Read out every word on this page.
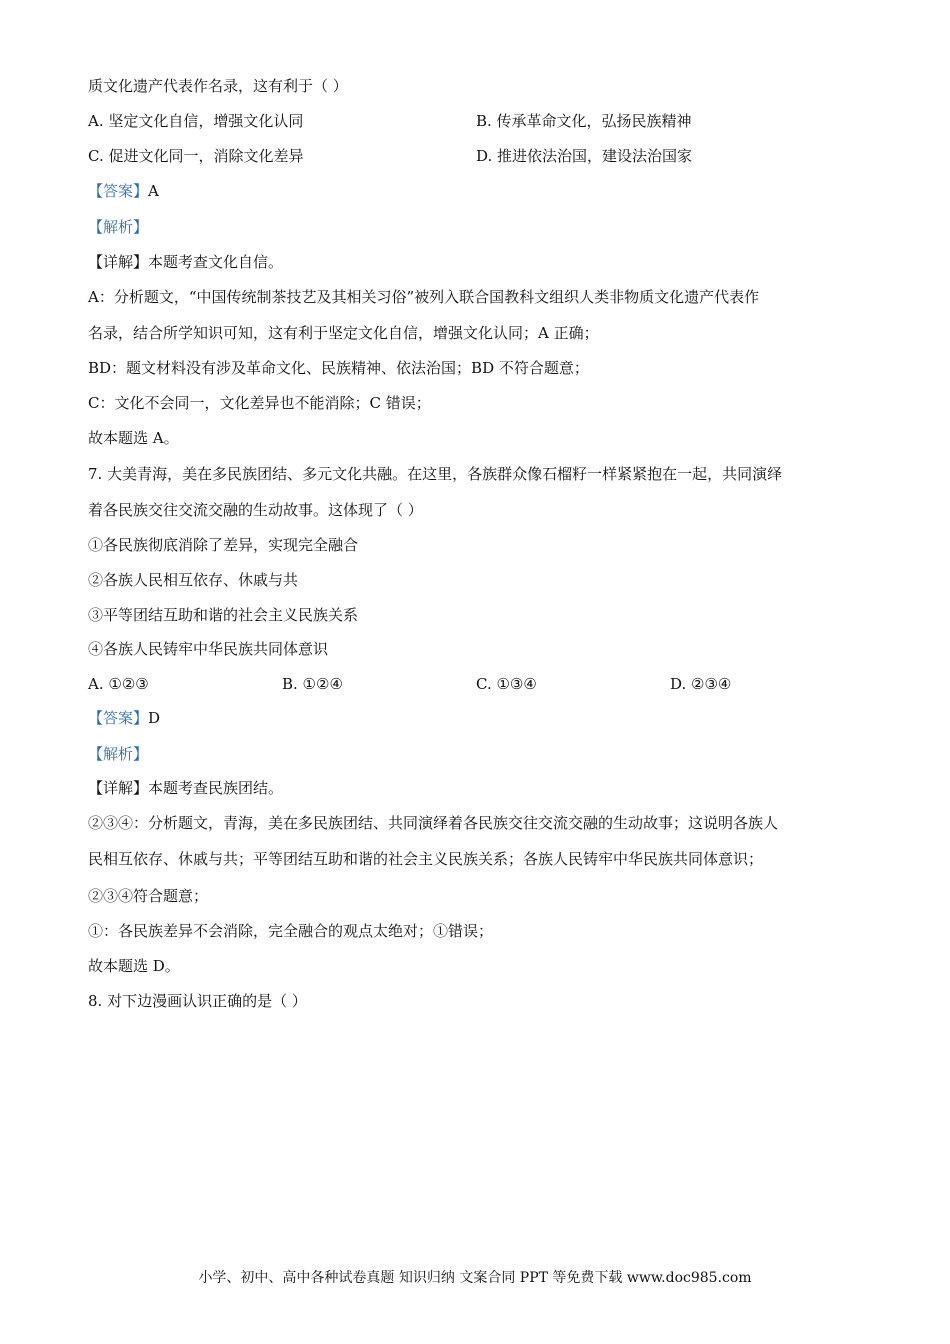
质文化遗产代表作名录，这有利于（ ）
A. 坚定文化自信，增强文化认同	B. 传承革命文化，弘扬民族精神
C. 促进文化同一，消除文化差异	D. 推进依法治国，建设法治国家
【答案】A
【解析】
【详解】本题考查文化自信。
A：分析题文，“中国传统制茶技艺及其相关习俗”被列入联合国教科文组织人类非物质文化遗产代表作
名录，结合所学知识可知，这有利于坚定文化自信，增强文化认同；A 正确；
BD：题文材料没有涉及革命文化、民族精神、依法治国；BD 不符合题意；
C：文化不会同一，文化差异也不能消除；C 错误；
故本题选 A。
7. 大美青海，美在多民族团结、多元文化共融。在这里，各族群众像石榴籽一样紧紧抱在一起，共同演绎
着各民族交往交流交融的生动故事。这体现了（ ）
①各民族彻底消除了差异，实现完全融合
②各族人民相互依存、休戚与共
③平等团结互助和谐的社会主义民族关系
④各族人民铸牢中华民族共同体意识
A. ①②③	B. ①②④	C. ①③④	D. ②③④
【答案】D
【解析】
【详解】本题考查民族团结。
②③④：分析题文，青海，美在多民族团结、共同演绎着各民族交往交流交融的生动故事；这说明各族人
民相互依存、休戚与共；平等团结互助和谐的社会主义民族关系；各族人民铸牢中华民族共同体意识；
②③④符合题意；
①：各民族差异不会消除，完全融合的观点太绝对；①错误；
故本题选 D。
8. 对下边漫画认识正确的是（ ）
小学、初中、高中各种试卷真题 知识归纳 文案合同 PPT 等免费下载 www.doc985.com
